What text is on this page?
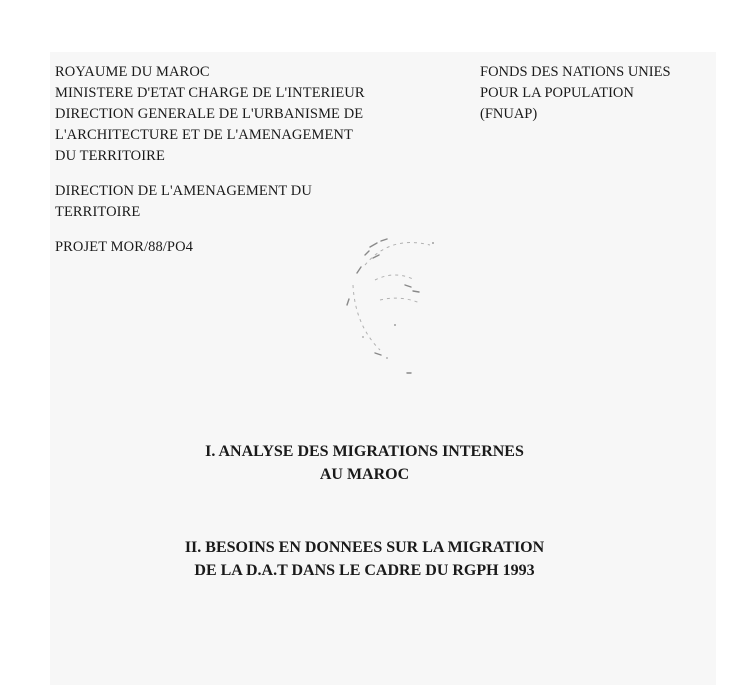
ROYAUME DU MAROC
MINISTERE D'ETAT CHARGE DE L'INTERIEUR
DIRECTION GENERALE DE L'URBANISME DE
L'ARCHITECTURE ET DE L'AMENAGEMENT
DU TERRITOIRE
DIRECTION DE L'AMENAGEMENT DU
TERRITOIRE
PROJET MOR/88/PO4
FONDS DES NATIONS UNIES
POUR LA POPULATION
(FNUAP)
I. ANALYSE DES MIGRATIONS INTERNES
AU MAROC
II. BESOINS EN DONNEES SUR LA MIGRATION
DE LA D.A.T DANS LE CADRE DU RGPH 1993
